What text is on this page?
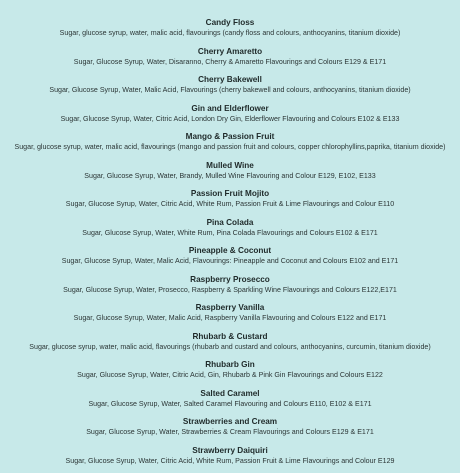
Candy Floss
Sugar, glucose syrup, water, malic acid, flavourings (candy floss and colours, anthocyanins, titanium dioxide)
Cherry Amaretto
Sugar, Glucose Syrup, Water, Disaranno, Cherry & Amaretto Flavourings and Colours E129 & E171
Cherry Bakewell
Sugar, Glucose Syrup, Water, Malic Acid, Flavourings (cherry bakewell and colours, anthocyanins, titanium dioxide)
Gin and Elderflower
Sugar, Glucose Syrup, Water, Citric Acid, London Dry Gin, Elderflower Flavouring and Colours E102 & E133
Mango & Passion Fruit
Sugar, glucose syrup, water, malic acid, flavourings (mango and passion fruit and colours, copper chlorophyllins,paprika, titanium dioxide)
Mulled Wine
Sugar, Glucose Syrup, Water, Brandy, Mulled Wine Flavouring and Colour E129, E102, E133
Passion Fruit Mojito
Sugar, Glucose Syrup, Water, Citric Acid, White Rum, Passion Fruit & Lime Flavourings and Colour E110
Pina Colada
Sugar, Glucose Syrup, Water, White Rum, Pina Colada Flavourings and Colours E102 & E171
Pineapple & Coconut
Sugar, Glucose Syrup, Water, Malic Acid, Flavourings: Pineapple and Coconut and Colours E102 and E171
Raspberry Prosecco
Sugar, Glucose Syrup, Water, Prosecco, Raspberry & Sparkling Wine Flavourings and Colours E122,E171
Raspberry Vanilla
Sugar, Glucose Syrup, Water, Malic Acid, Raspberry Vanilla Flavouring and Colours E122 and E171
Rhubarb & Custard
Sugar, glucose syrup, water, malic acid, flavourings (rhubarb and custard and colours, anthocyanins, curcumin, titanium dioxide)
Rhubarb Gin
Sugar, Glucose Syrup, Water, Citric Acid, Gin, Rhubarb & Pink Gin Flavourings and Colours E122
Salted Caramel
Sugar, Glucose Syrup, Water, Salted Caramel Flavouring and Colours E110, E102 & E171
Strawberries and Cream
Sugar, Glucose Syrup, Water, Strawberries & Cream Flavourings and Colours E129 & E171
Strawberry Daiquiri
Sugar, Glucose Syrup, Water, Citric Acid, White Rum, Passion Fruit & Lime Flavourings and Colour E129
